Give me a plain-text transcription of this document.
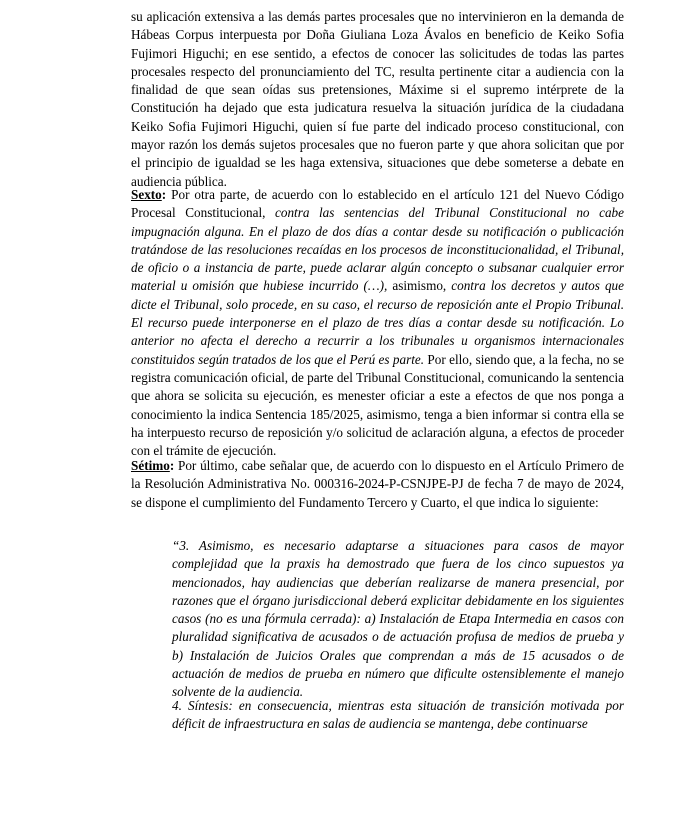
su aplicación extensiva a las demás partes procesales que no intervinieron en la demanda de Hábeas Corpus interpuesta por Doña Giuliana Loza Ávalos en beneficio de Keiko Sofia Fujimori Higuchi; en ese sentido, a efectos de conocer las solicitudes de todas las partes procesales respecto del pronunciamiento del TC, resulta pertinente citar a audiencia con la finalidad de que sean oídas sus pretensiones, Máxime si el supremo intérprete de la Constitución ha dejado que esta judicatura resuelva la situación jurídica de la ciudadana Keiko Sofia Fujimori Higuchi, quien sí fue parte del indicado proceso constitucional, con mayor razón los demás sujetos procesales que no fueron parte y que ahora solicitan que por el principio de igualdad se les haga extensiva, situaciones que debe someterse a debate en audiencia pública.

Sexto: Por otra parte, de acuerdo con lo establecido en el artículo 121 del Nuevo Código Procesal Constitucional, contra las sentencias del Tribunal Constitucional no cabe impugnación alguna. En el plazo de dos días a contar desde su notificación o publicación tratándose de las resoluciones recaídas en los procesos de inconstitucionalidad, el Tribunal, de oficio o a instancia de parte, puede aclarar algún concepto o subsanar cualquier error material u omisión que hubiese incurrido (…), asimismo, contra los decretos y autos que dicte el Tribunal, solo procede, en su caso, el recurso de reposición ante el Propio Tribunal. El recurso puede interponerse en el plazo de tres días a contar desde su notificación. Lo anterior no afecta el derecho a recurrir a los tribunales u organismos internacionales constituidos según tratados de los que el Perú es parte. Por ello, siendo que, a la fecha, no se registra comunicación oficial, de parte del Tribunal Constitucional, comunicando la sentencia que ahora se solicita su ejecución, es menester oficiar a este a efectos de que nos ponga a conocimiento la indica Sentencia 185/2025, asimismo, tenga a bien informar si contra ella se ha interpuesto recurso de reposición y/o solicitud de aclaración alguna, a efectos de proceder con el trámite de ejecución.

Sétimo: Por último, cabe señalar que, de acuerdo con lo dispuesto en el Artículo Primero de la Resolución Administrativa No. 000316-2024-P-CSNJPE-PJ de fecha 7 de mayo de 2024, se dispone el cumplimiento del Fundamento Tercero y Cuarto, el que indica lo siguiente:

“3. Asimismo, es necesario adaptarse a situaciones para casos de mayor complejidad que la praxis ha demostrado que fuera de los cinco supuestos ya mencionados, hay audiencias que deberían realizarse de manera presencial, por razones que el órgano jurisdiccional deberá explicitar debidamente en los siguientes casos (no es una fórmula cerrada): a) Instalación de Etapa Intermedia en casos con pluralidad significativa de acusados o de actuación profusa de medios de prueba y b) Instalación de Juicios Orales que comprendan a más de 15 acusados o de actuación de medios de prueba en número que dificulte ostensiblemente el manejo solvente de la audiencia.

4. Síntesis: en consecuencia, mientras esta situación de transición motivada por déficit de infraestructura en salas de audiencia se mantenga, debe continuarse
